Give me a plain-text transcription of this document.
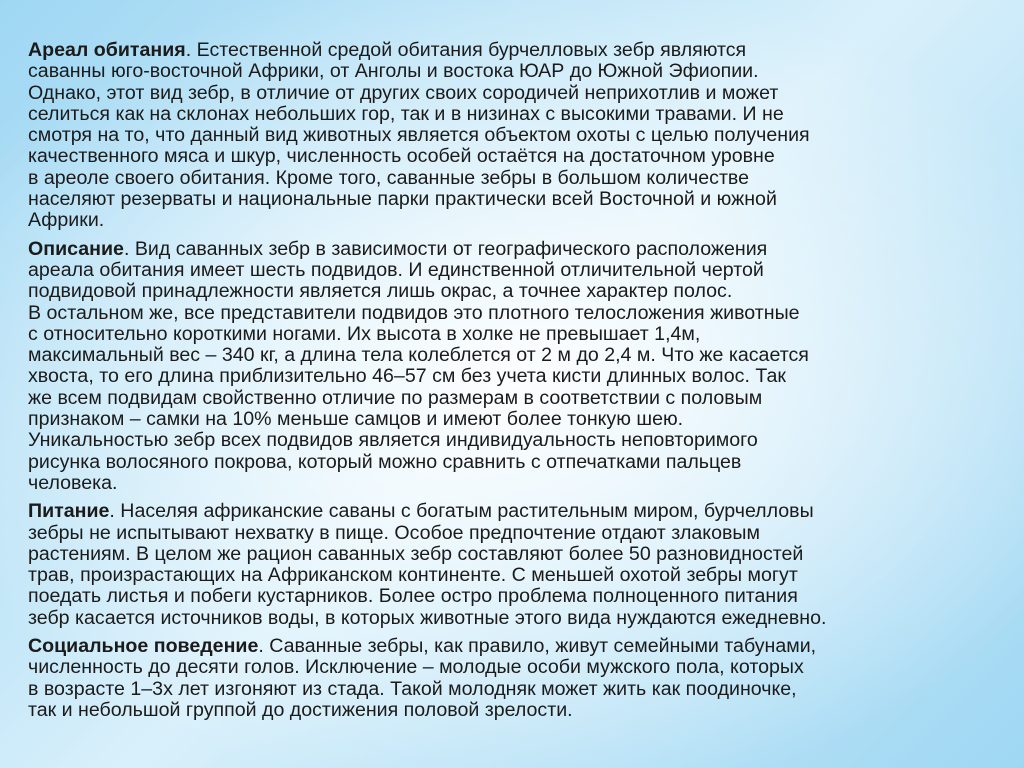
Ареал обитания. Естественной средой обитания бурчелловых зебр являются
саванны юго-восточной Африки, от Анголы и востока ЮАР до Южной Эфиопии.
Однако, этот вид зебр, в отличие от других своих сородичей неприхотлив и может
селиться как на склонах небольших гор, так и в низинах с высокими травами. И не
смотря на то, что данный вид животных является объектом охоты с целью получения
качественного мяса и шкур, численность особей остаётся на достаточном уровне
в ареоле своего обитания. Кроме того, саванные зебры в большом количестве
населяют резерваты и национальные парки практически всей Восточной и южной
Африки.

Описание. Вид саванных зебр в зависимости от географического расположения
ареала обитания имеет шесть подвидов. И единственной отличительной чертой
подвидовой принадлежности является лишь окрас, а точнее характер полос.
В остальном же, все представители подвидов это плотного телосложения животные
с относительно короткими ногами. Их высота в холке не превышает 1,4м,
максимальный вес – 340 кг, а длина тела колеблется от 2 м до 2,4 м. Что же касается
хвоста, то его длина приблизительно 46–57 см без учета кисти длинных волос. Так
же всем подвидам свойственно отличие по размерам в соответствии с половым
признаком – самки на 10% меньше самцов и имеют более тонкую шею.
Уникальностью зебр всех подвидов является индивидуальность неповторимого
рисунка волосяного покрова, который можно сравнить с отпечатками пальцев
человека.

Питание. Населяя африканские саваны с богатым растительным миром, бурчелловы
зебры не испытывают нехватку в пище. Особое предпочтение отдают злаковым
растениям. В целом же рацион саванных зебр составляют более 50 разновидностей
трав, произрастающих на Африканском континенте. С меньшей охотой зебры могут
поедать листья и побеги кустарников. Более остро проблема полноценного питания
зебр касается источников воды, в которых животные этого вида нуждаются ежедневно.

Социальное поведение. Саванные зебры, как правило, живут семейными табунами,
численность до десяти голов. Исключение – молодые особи мужского пола, которых
в возрасте 1–3х лет изгоняют из стада. Такой молодняк может жить как поодиночке,
так и небольшой группой до достижения половой зрелости.
